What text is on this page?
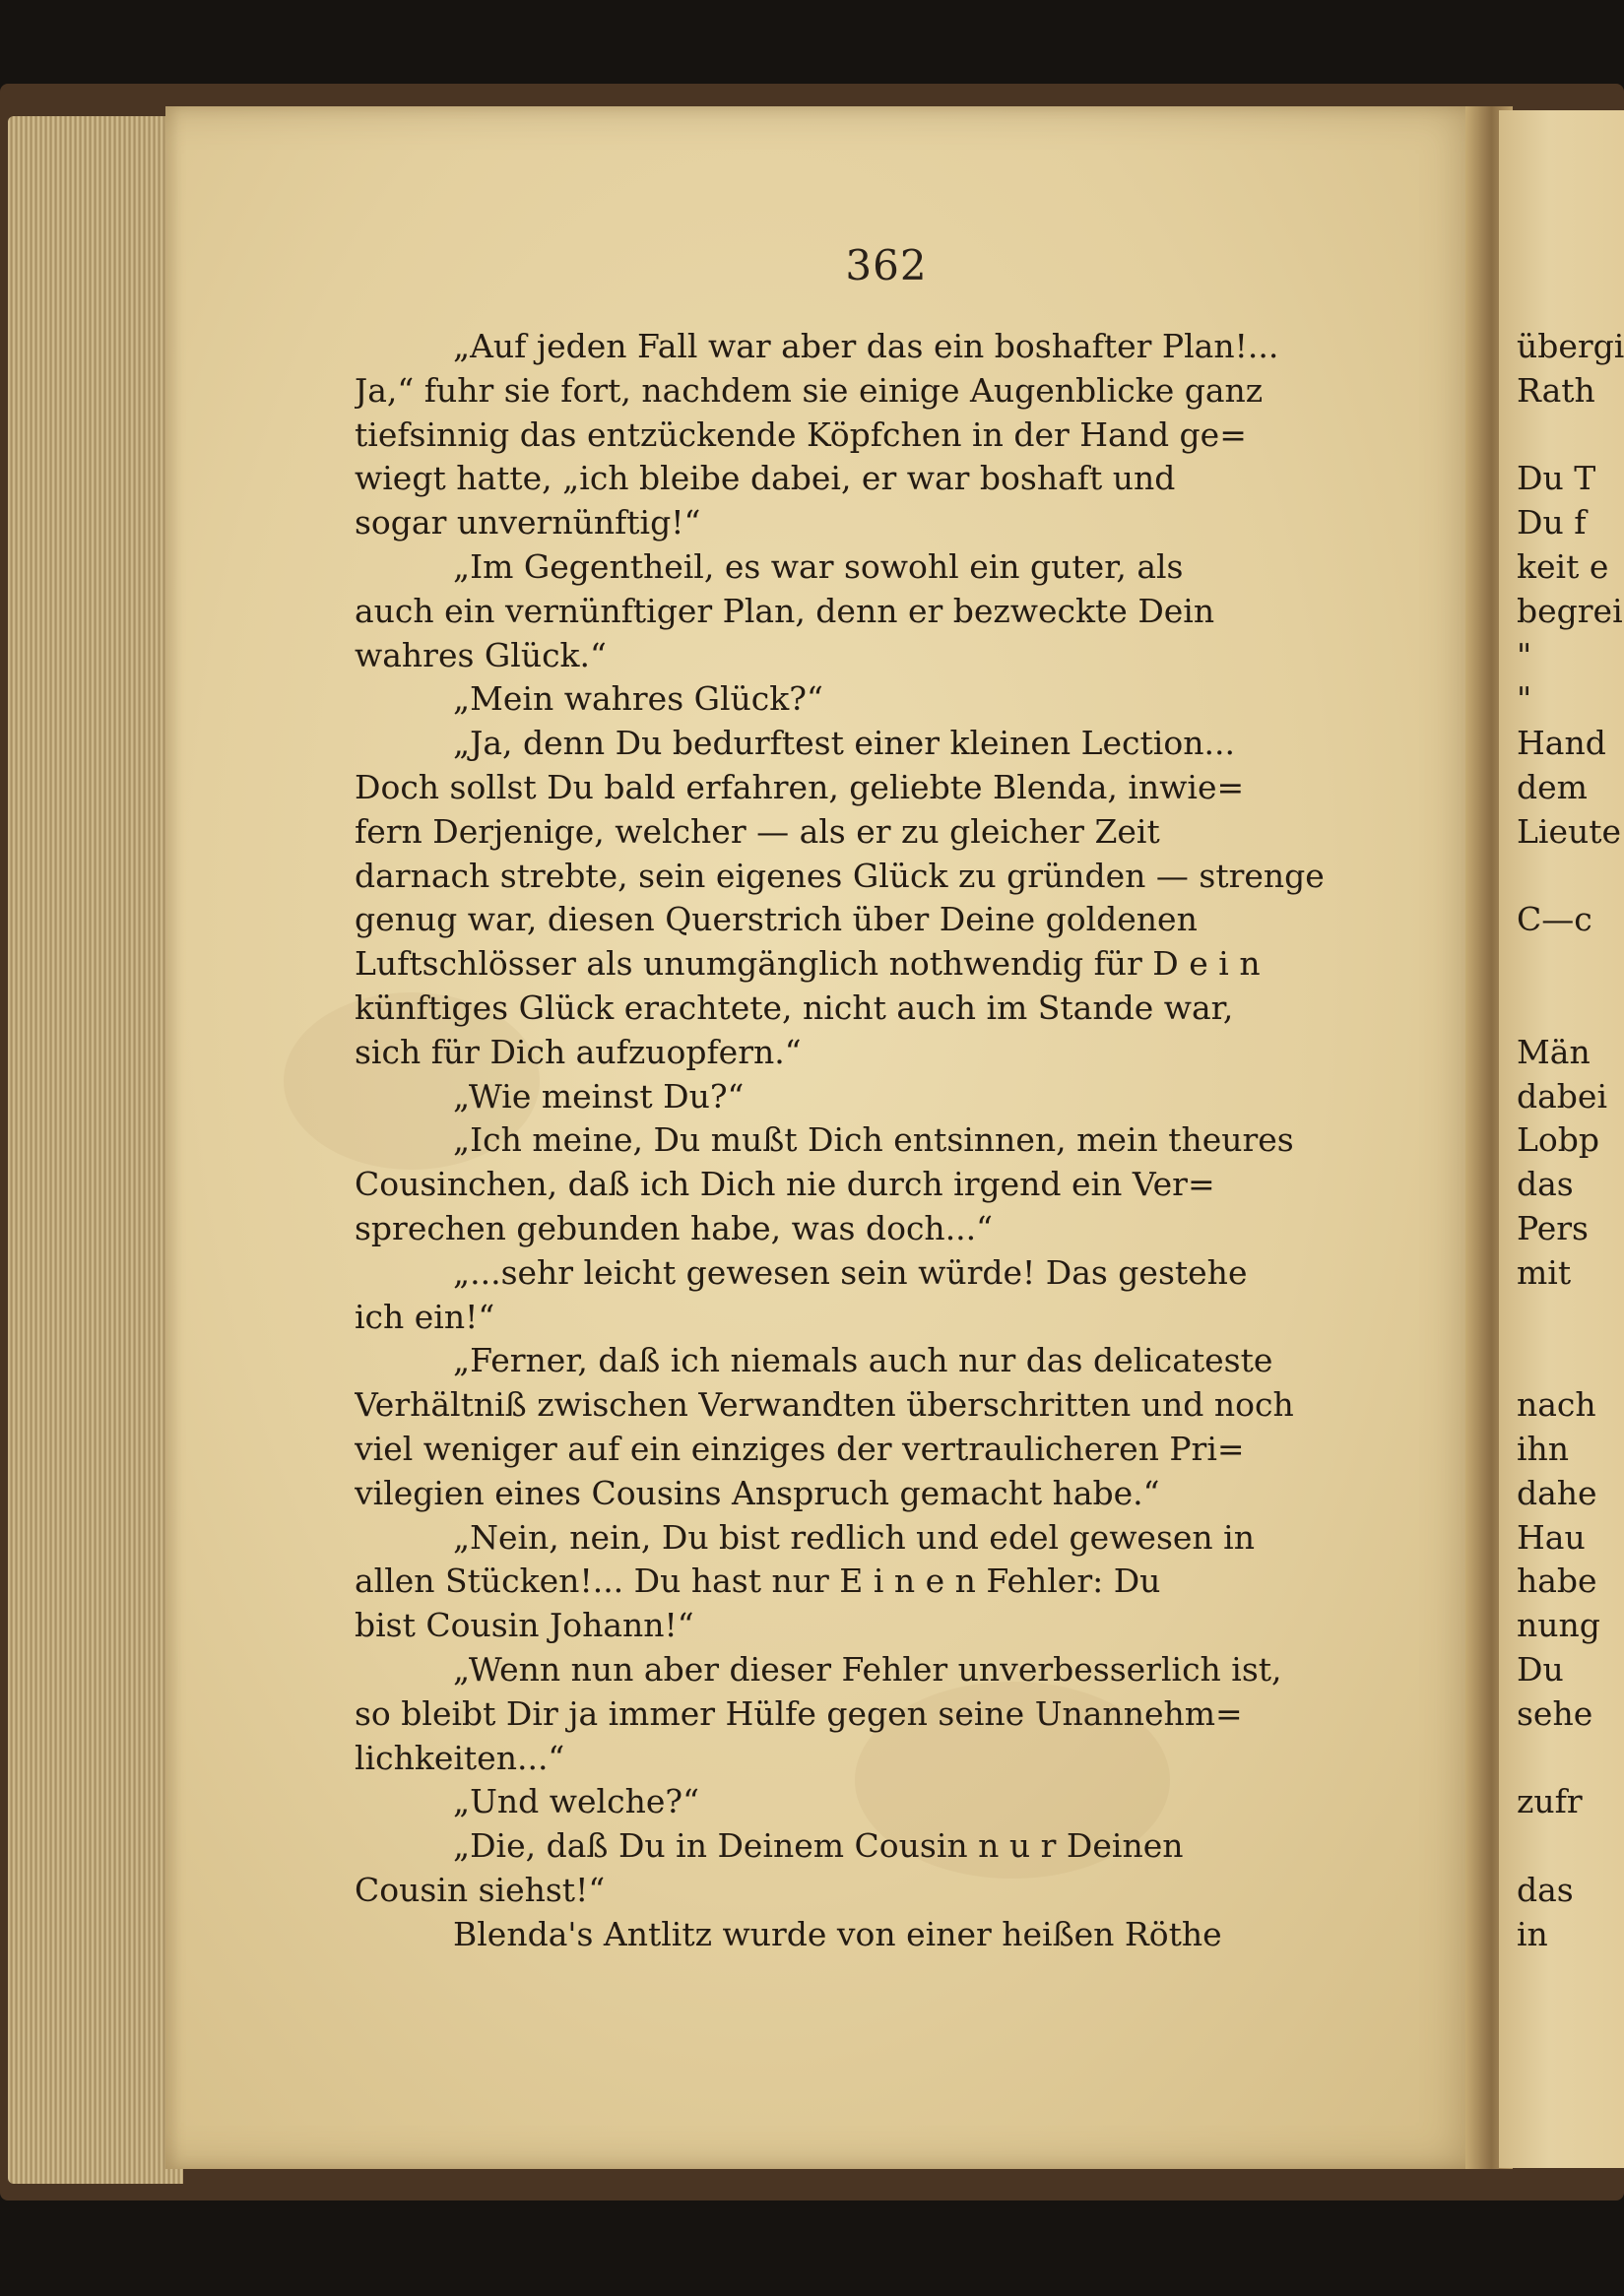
362
„Auf jeden Fall war aber das ein boshafter Plan!...
Ja,“ fuhr sie fort, nachdem sie einige Augenblicke ganz
tiefsinnig das entzückende Köpfchen in der Hand ge=
wiegt hatte, „ich bleibe dabei, er war boshaft und
sogar unvernünftig!“
„Im Gegentheil, es war sowohl ein guter, als
auch ein vernünftiger Plan, denn er bezweckte Dein
wahres Glück.“
„Mein wahres Glück?“
„Ja, denn Du bedurftest einer kleinen Lection...
Doch sollst Du bald erfahren, geliebte Blenda, inwie=
fern Derjenige, welcher — als er zu gleicher Zeit
darnach strebte, sein eigenes Glück zu gründen — strenge
genug war, diesen Querstrich über Deine goldenen
Luftschlösser als unumgänglich nothwendig für D e i n
künftiges Glück erachtete, nicht auch im Stande war,
sich für Dich aufzuopfern.“
„Wie meinst Du?“
„Ich meine, Du mußt Dich entsinnen, mein theures
Cousinchen, daß ich Dich nie durch irgend ein Ver=
sprechen gebunden habe, was doch...“
„...sehr leicht gewesen sein würde! Das gestehe
ich ein!“
„Ferner, daß ich niemals auch nur das delicateste
Verhältniß zwischen Verwandten überschritten und noch
viel weniger auf ein einziges der vertraulicheren Pri=
vilegien eines Cousins Anspruch gemacht habe.“
„Nein, nein, Du bist redlich und edel gewesen in
allen Stücken!... Du hast nur E i n e n Fehler: Du
bist Cousin Johann!“
„Wenn nun aber dieser Fehler unverbesserlich ist,
so bleibt Dir ja immer Hülfe gegen seine Unannehm=
lichkeiten...“
„Und welche?“
„Die, daß Du in Deinem Cousin n u r Deinen
Cousin siehst!“
Blenda's Antlitz wurde von einer heißen Röthe
übergi
Rath
Du T
Du f
keit e
begrei
"
"
Hand
dem
Lieute
C—c
Män
dabei
Lobp
das
Pers
mit
nach
ihn
dahe
Hau
habe
nung
Du
sehe
zufr
das
in
